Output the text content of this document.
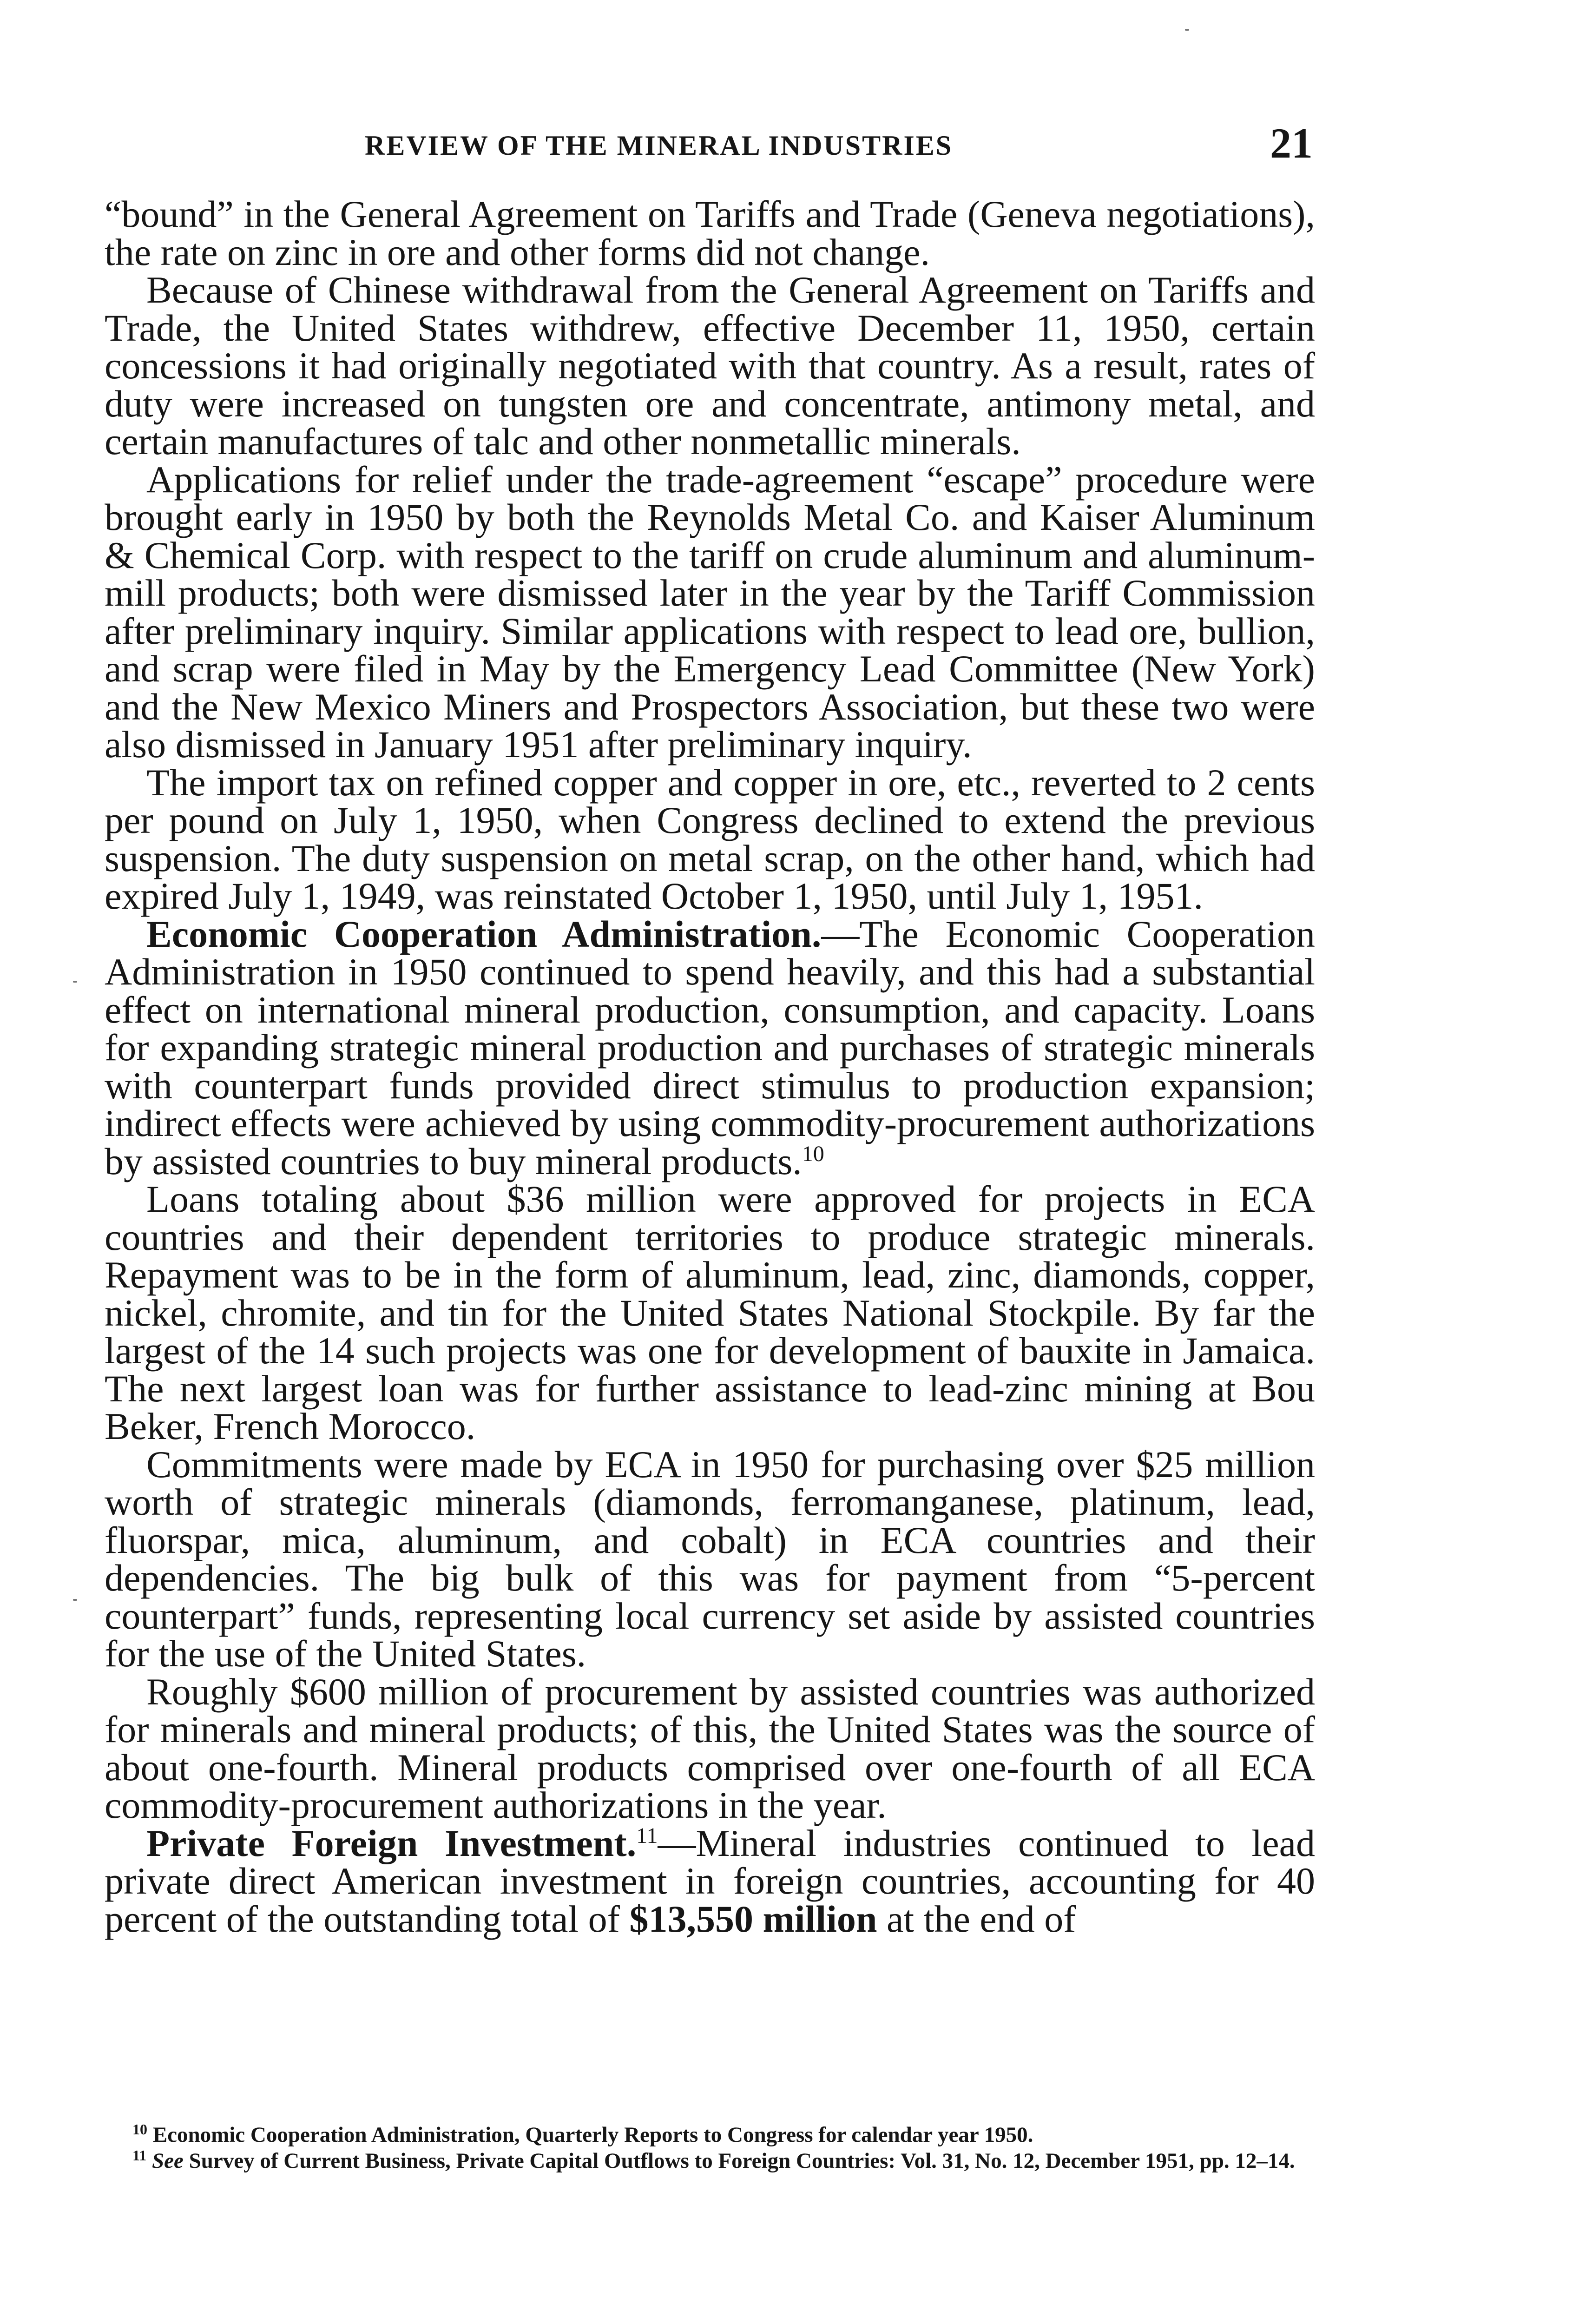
REVIEW OF THE MINERAL INDUSTRIES	21

“bound” in the General Agreement on Tariffs and Trade (Geneva negotiations), the rate on zinc in ore and other forms did not change.

Because of Chinese withdrawal from the General Agreement on Tariffs and Trade, the United States withdrew, effective December 11, 1950, certain concessions it had originally negotiated with that country. As a result, rates of duty were increased on tungsten ore and concentrate, antimony metal, and certain manufactures of talc and other nonmetallic minerals.

Applications for relief under the trade-agreement “escape” procedure were brought early in 1950 by both the Reynolds Metal Co. and Kaiser Aluminum & Chemical Corp. with respect to the tariff on crude aluminum and aluminum-mill products; both were dismissed later in the year by the Tariff Commission after preliminary inquiry. Similar applications with respect to lead ore, bullion, and scrap were filed in May by the Emergency Lead Committee (New York) and the New Mexico Miners and Prospectors Association, but these two were also dismissed in January 1951 after preliminary inquiry.

The import tax on refined copper and copper in ore, etc., reverted to 2 cents per pound on July 1, 1950, when Congress declined to extend the previous suspension. The duty suspension on metal scrap, on the other hand, which had expired July 1, 1949, was reinstated October 1, 1950, until July 1, 1951.

Economic Cooperation Administration.—The Economic Cooperation Administration in 1950 continued to spend heavily, and this had a substantial effect on international mineral production, consumption, and capacity. Loans for expanding strategic mineral production and purchases of strategic minerals with counterpart funds provided direct stimulus to production expansion; indirect effects were achieved by using commodity-procurement authorizations by assisted countries to buy mineral products.$^{10}$

Loans totaling about $36 million were approved for projects in ECA countries and their dependent territories to produce strategic minerals. Repayment was to be in the form of aluminum, lead, zinc, diamonds, copper, nickel, chromite, and tin for the United States National Stockpile. By far the largest of the 14 such projects was one for development of bauxite in Jamaica. The next largest loan was for further assistance to lead-zinc mining at Bou Beker, French Morocco.

Commitments were made by ECA in 1950 for purchasing over $25 million worth of strategic minerals (diamonds, ferromanganese, platinum, lead, fluorspar, mica, aluminum, and cobalt) in ECA countries and their dependencies. The big bulk of this was for payment from “5-percent counterpart” funds, representing local currency set aside by assisted countries for the use of the United States.

Roughly $600 million of procurement by assisted countries was authorized for minerals and mineral products; of this, the United States was the source of about one-fourth. Mineral products comprised over one-fourth of all ECA commodity-procurement authorizations in the year.

Private Foreign Investment.$^{11}$—Mineral industries continued to lead private direct American investment in foreign countries, accounting for 40 percent of the outstanding total of $13,550 million at the end of

$^{10}$ Economic Cooperation Administration, Quarterly Reports to Congress for calendar year 1950.

$^{11}$ See Survey of Current Business, Private Capital Outflows to Foreign Countries: Vol. 31, No. 12, December 1951, pp. 12–14.
